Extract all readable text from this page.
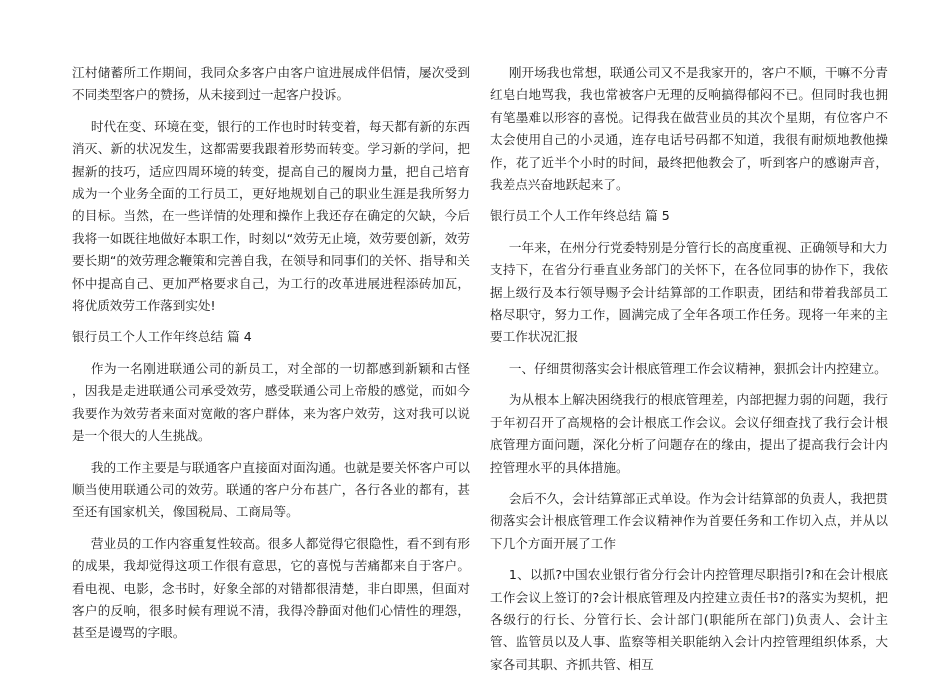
江村储蓄所工作期间，我同众多客户由客户谊进展成伴侣情，屡次受到不同类型客户的赞扬，从未接到过一起客户投诉。

时代在变、环境在变，银行的工作也时时转变着，每天都有新的东西消灭、新的状况发生，这都需要我跟着形势而转变。学习新的学问，把握新的技巧，适应四周环境的转变，提高自己的履岗力量，把自己培育成为一个业务全面的工行员工，更好地规划自己的职业生涯是我所努力的目标。当然，在一些详情的处理和操作上我还存在确定的欠缺，今后我将一如既往地做好本职工作，时刻以“效劳无止境，效劳要创新，效劳要长期“的效劳理念鞭策和完善自我，在领导和同事们的关怀、指导和关怀中提高自己、更加严格要求自己，为工行的改革进展进程添砖加瓦，将优质效劳工作落到实处!

银行员工个人工作年终总结 篇 4

作为一名刚进联通公司的新员工，对全部的一切都感到新颖和古怪 ，因我是走进联通公司承受效劳，感受联通公司上帝般的感觉，而如今我要作为效劳者来面对宽敞的客户群体，来为客户效劳，这对我可以说是一个很大的人生挑战。

我的工作主要是与联通客户直接面对面沟通。也就是要关怀客户可以顺当使用联通公司的效劳。联通的客户分布甚广，各行各业的都有，甚至还有国家机关，像国税局、工商局等。

营业员的工作内容重复性较高。很多人都觉得它很隐性，看不到有形的成果，我却觉得这项工作很有意思，它的喜悦与苦痛都来自于客户。看电视、电影，念书时，好象全部的对错都很清楚，非白即黑，但面对客户的反响，很多时候有理说不清，我得冷静面对他们心情性的理怨，甚至是谩骂的字眼。

刚开场我也常想，联通公司又不是我家开的，客户不顺，干嘛不分青红皂白地骂我，我也常被客户无理的反响搞得郁闷不已。但同时我也拥有笔墨难以形容的喜悦。记得我在做营业员的其次个星期，有位客户不太会使用自己的小灵通，连存电话号码都不知道，我很有耐烦地教他操作，花了近半个小时的时间，最终把他教会了，听到客户的感谢声音，我差点兴奋地跃起来了。

银行员工个人工作年终总结 篇 5

一年来，在州分行党委特别是分管行长的高度重视、正确领导和大力支持下，在省分行垂直业务部门的关怀下，在各位同事的协作下，我依据上级行及本行领导赐予会计结算部的工作职责，团结和带着我部员工格尽职守，努力工作，圆满完成了全年各项工作任务。现将一年来的主要工作状况汇报

一、仔细贯彻落实会计根底管理工作会议精神，狠抓会计内控建立。

为从根本上解决困绕我行的根底管理差，内部把握力弱的问题，我行于年初召开了高规格的会计根底工作会议。会议仔细查找了我行会计根底管理方面问题，深化分析了问题存在的缘由，提出了提高我行会计内控管理水平的具体措施。

会后不久，会计结算部正式单设。作为会计结算部的负责人，我把贯彻落实会计根底管理工作会议精神作为首要任务和工作切入点，并从以下几个方面开展了工作

1、以抓?中国农业银行省分行会计内控管理尽职指引?和在会计根底工作会议上签订的?会计根底管理及内控建立责任书?的落实为契机，把各级行的行长、分管行长、会计部门(职能所在部门)负责人、会计主管、监管员以及人事、监察等相关职能纳入会计内控管理组织体系，大家各司其职、齐抓共管、相互
